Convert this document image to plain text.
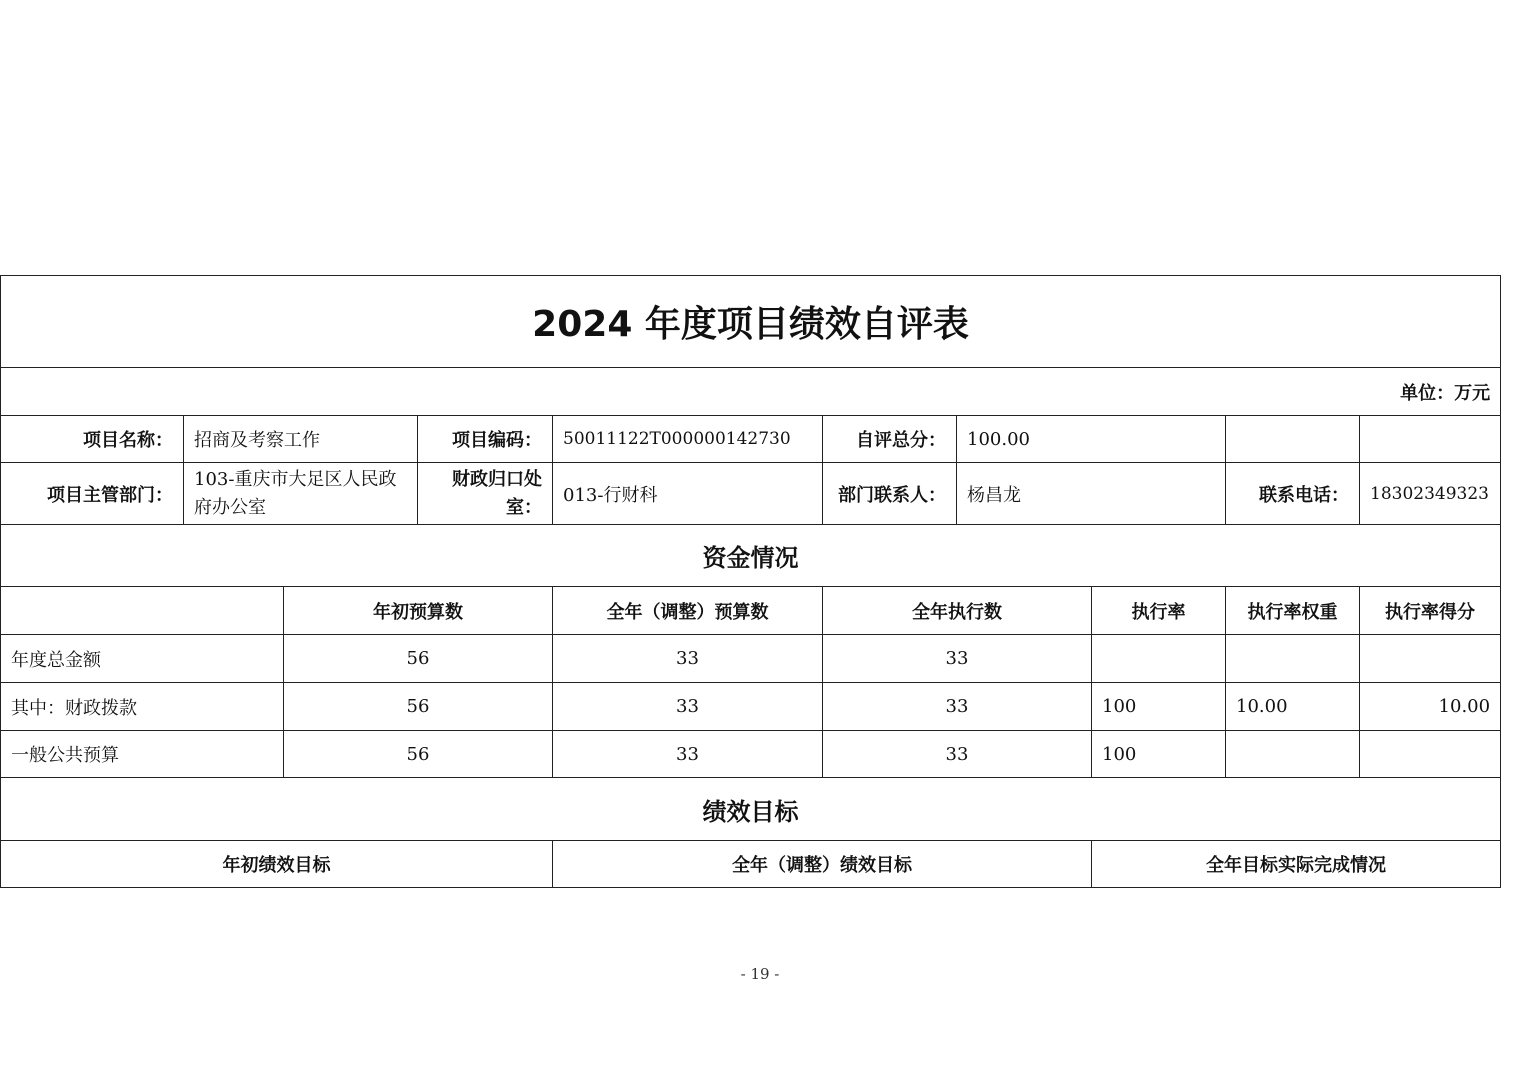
2024 年度项目绩效自评表									
单位：万元									
项目名称：	招商及考察工作		项目编码：	50011122T000000142730	自评总分：	100.00			
项目主管部门：	103-重庆市大足区人民政府办公室		财政归口处室：	013-行财科	部门联系人：	杨昌龙		联系电话：	18302349323
资金情况									
		年初预算数		全年（调整）预算数	全年执行数		执行率	执行率权重	执行率得分
年度总金额		56		33	33				
其中：财政拨款		56		33	33		100	10.00	10.00
一般公共预算		56		33	33		100		
绩效目标									
年初绩效目标				全年（调整）绩效目标			全年目标实际完成情况		
- 19 -
